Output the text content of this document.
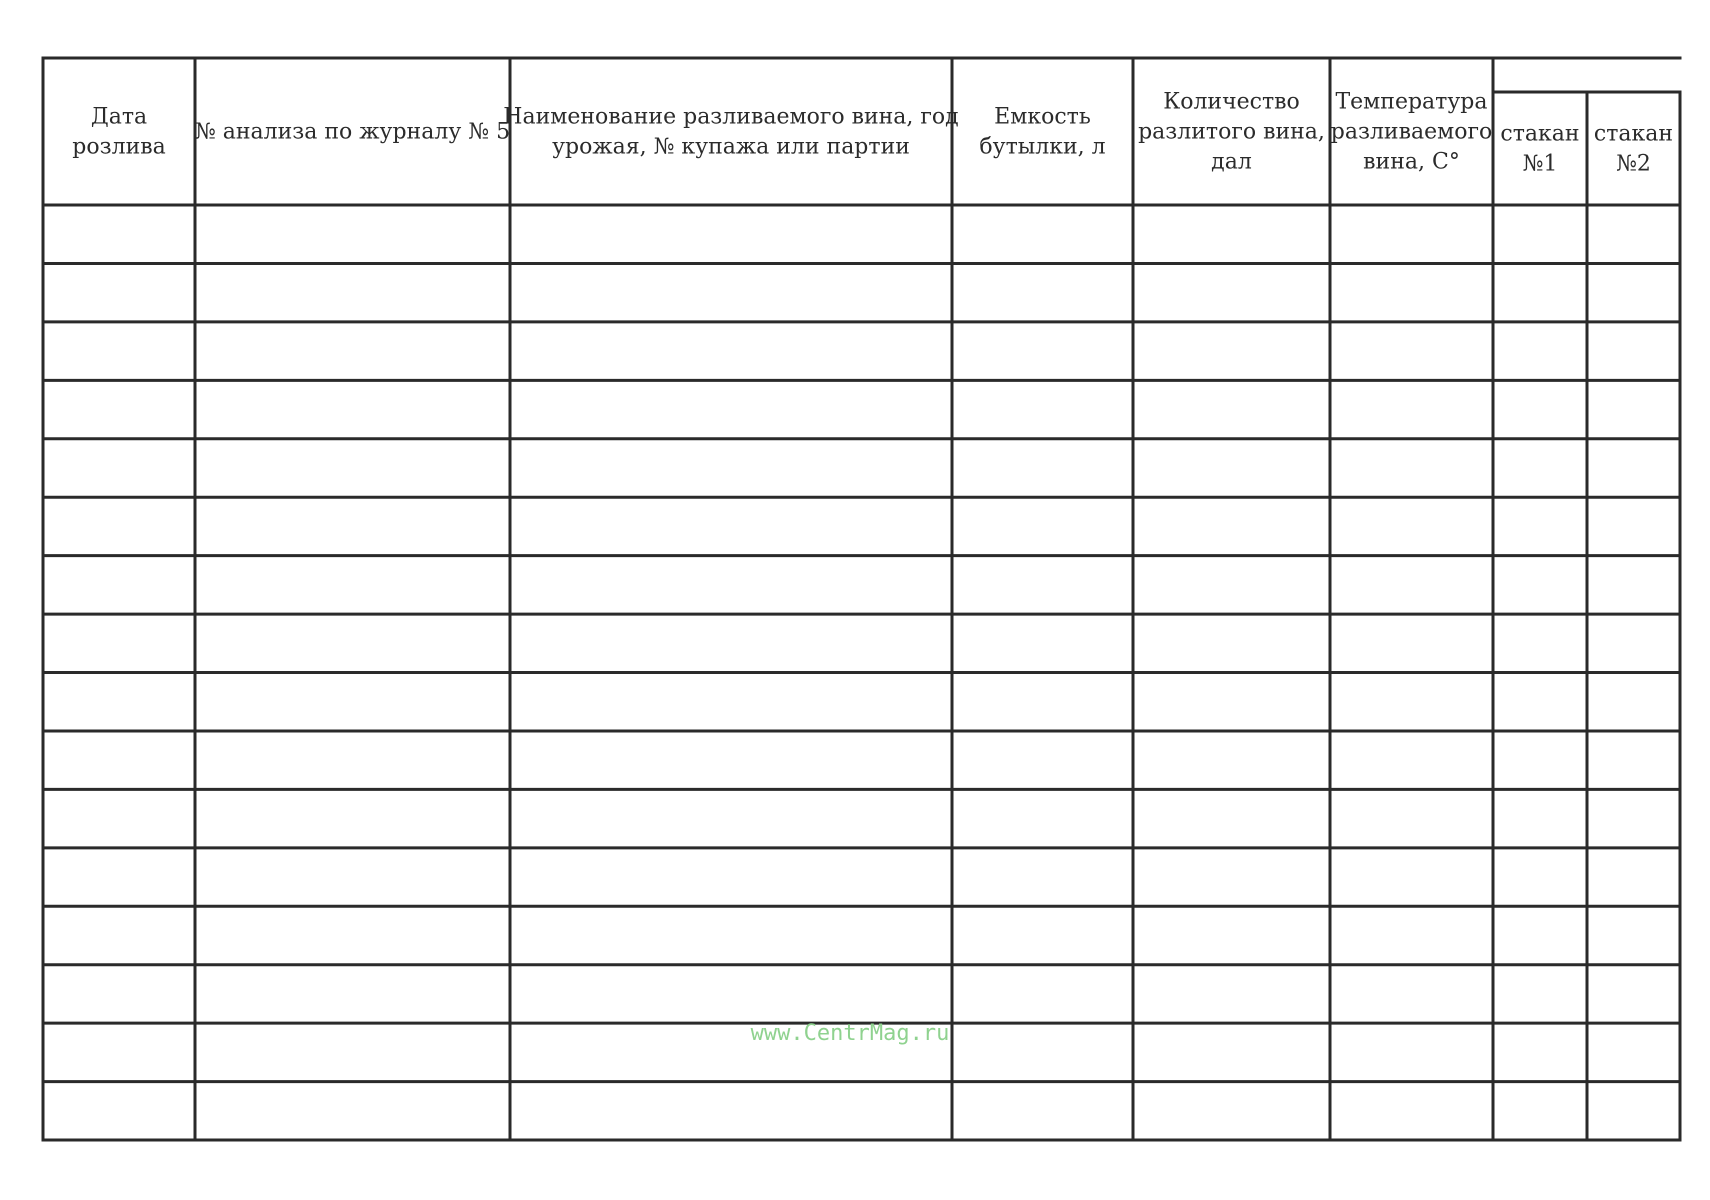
Дата розлива
№ анализа по журналу № 5
Наименование разливаемого вина, год урожая, № купажа или партии
Емкость бутылки, л
Количество разлитого вина, дал
Температура разливаемого вина, С°
стакан №1
стакан №2
www.CentrMag.ru
